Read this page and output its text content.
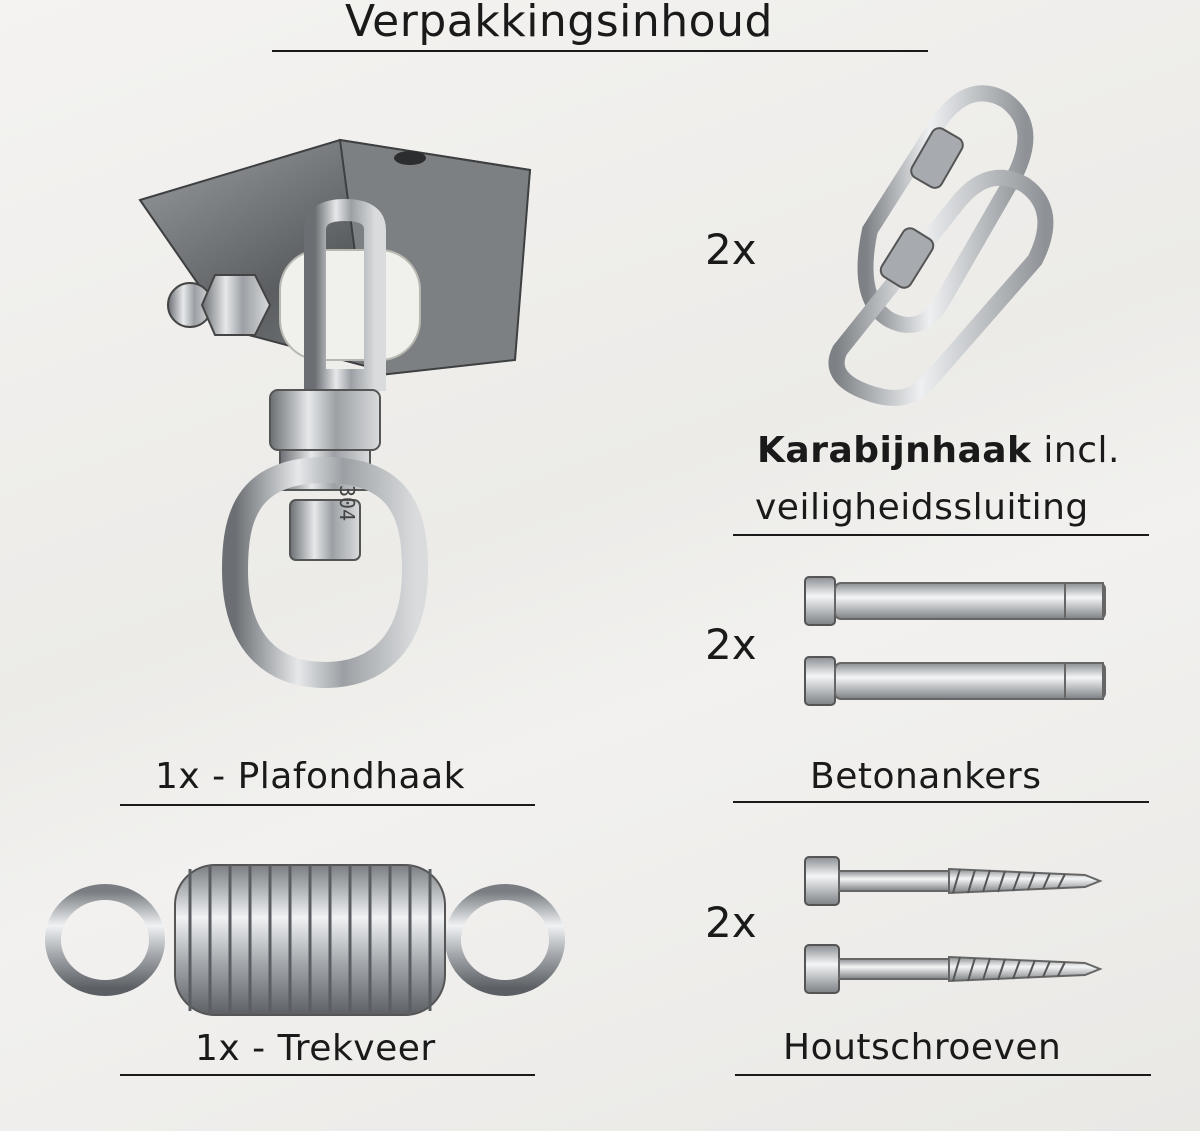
Verpakkingsinhoud
304
1x - Plafondhaak
1x - Trekveer
2x
Karabijnhaak incl.
veiligheidssluiting
2x
Betonankers
2x
Houtschroeven
